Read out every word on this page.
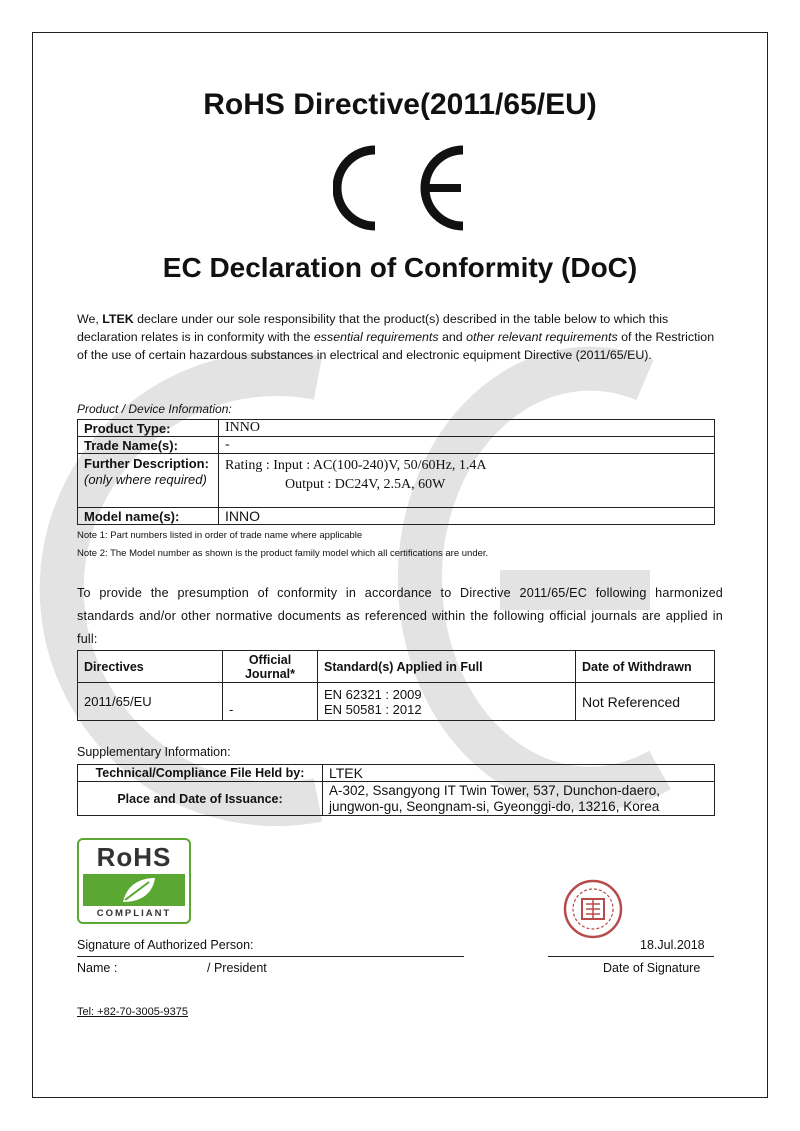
RoHS Directive(2011/65/EU)
EC Declaration of Conformity (DoC)
We, LTEK declare under our sole responsibility that the product(s) described in the table below to which this declaration relates is in conformity with the essential requirements and other relevant requirements of the Restriction of the use of certain hazardous substances in electrical and electronic equipment Directive (2011/65/EU).
Product / Device Information:
Product Type:	INNO
Trade Name(s):	-
Further Description: (only where required)	Rating : Input : AC(100-240)V, 50/60Hz, 1.4A
Output : DC24V, 2.5A, 60W

Model name(s):	INNO
Note 1: Part numbers listed in order of trade name where applicable
Note 2: The Model number as shown is the product family model which all certifications are under.
To provide the presumption of conformity in accordance to Directive 2011/65/EC following harmonized standards and/or other normative documents as referenced within the following official journals are applied in full:
Directives	Official Journal*	Standard(s) Applied in Full	Date of Withdrawn
2011/65/EU	-	EN 62321 : 2009
EN 50581 : 2012	Not Referenced
Supplementary Information:
Technical/Compliance File Held by:	LTEK
Place and Date of Issuance:	A-302, Ssangyong IT Twin Tower, 537, Dunchon-daero,
jungwon-gu, Seongnam-si, Gyeonggi-do, 13216, Korea
RoHS
COMPLIANT
Signature of Authorized Person:	18.Jul.2018
Name :	/ President	Date of Signature
Tel: +82-70-3005-9375
